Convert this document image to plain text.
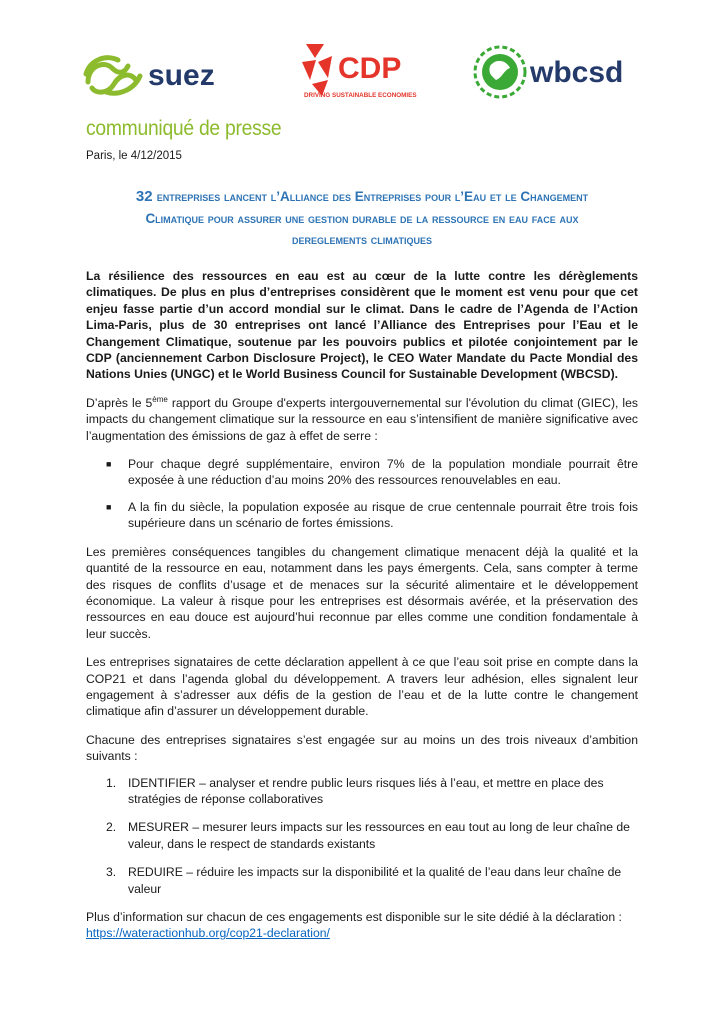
suez	CDP
DRIVING SUSTAINABLE ECONOMIES
wbcsd
communiqué de presse
Paris, le 4/12/2015
32 entreprises lancent l’Alliance des Entreprises pour l’Eau et le Changement
Climatique pour assurer une gestion durable de la ressource en eau face aux
dereglements climatiques

La résilience des ressources en eau est au cœur de la lutte contre les dérèglements climatiques. De plus en plus d’entreprises considèrent que le moment est venu pour que cet enjeu fasse partie d’un accord mondial sur le climat. Dans le cadre de l’Agenda de l’Action Lima-Paris, plus de 30 entreprises ont lancé l’Alliance des Entreprises pour l’Eau et le Changement Climatique, soutenue par les pouvoirs publics et pilotée conjointement par le CDP (anciennement Carbon Disclosure Project), le CEO Water Mandate du Pacte Mondial des Nations Unies (UNGC) et le World Business Council for Sustainable Development (WBCSD).

D’après le 5ème rapport du Groupe d'experts intergouvernemental sur l'évolution du climat (GIEC), les impacts du changement climatique sur la ressource en eau s’intensifient de manière significative avec l’augmentation des émissions de gaz à effet de serre :

■ Pour chaque degré supplémentaire, environ 7% de la population mondiale pourrait être exposée à une réduction d’au moins 20% des ressources renouvelables en eau.
■ A la fin du siècle, la population exposée au risque de crue centennale pourrait être trois fois supérieure dans un scénario de fortes émissions.

Les premières conséquences tangibles du changement climatique menacent déjà la qualité et la quantité de la ressource en eau, notamment dans les pays émergents. Cela, sans compter à terme des risques de conflits d’usage et de menaces sur la sécurité alimentaire et le développement économique. La valeur à risque pour les entreprises est désormais avérée, et la préservation des ressources en eau douce est aujourd’hui reconnue par elles comme une condition fondamentale à leur succès.

Les entreprises signataires de cette déclaration appellent à ce que l’eau soit prise en compte dans la COP21 et dans l’agenda global du développement. A travers leur adhésion, elles signalent leur engagement à s’adresser aux défis de la gestion de l’eau et de la lutte contre le changement climatique afin d’assurer un développement durable.

Chacune des entreprises signataires s’est engagée sur au moins un des trois niveaux d’ambition suivants :

1. IDENTIFIER – analyser et rendre public leurs risques liés à l’eau, et mettre en place des stratégies de réponse collaboratives
2. MESURER – mesurer leurs impacts sur les ressources en eau tout au long de leur chaîne de valeur, dans le respect de standards existants
3. REDUIRE – réduire les impacts sur la disponibilité et la qualité de l’eau dans leur chaîne de valeur

Plus d’information sur chacun de ces engagements est disponible sur le site dédié à la déclaration :
https://wateractionhub.org/cop21-declaration/
